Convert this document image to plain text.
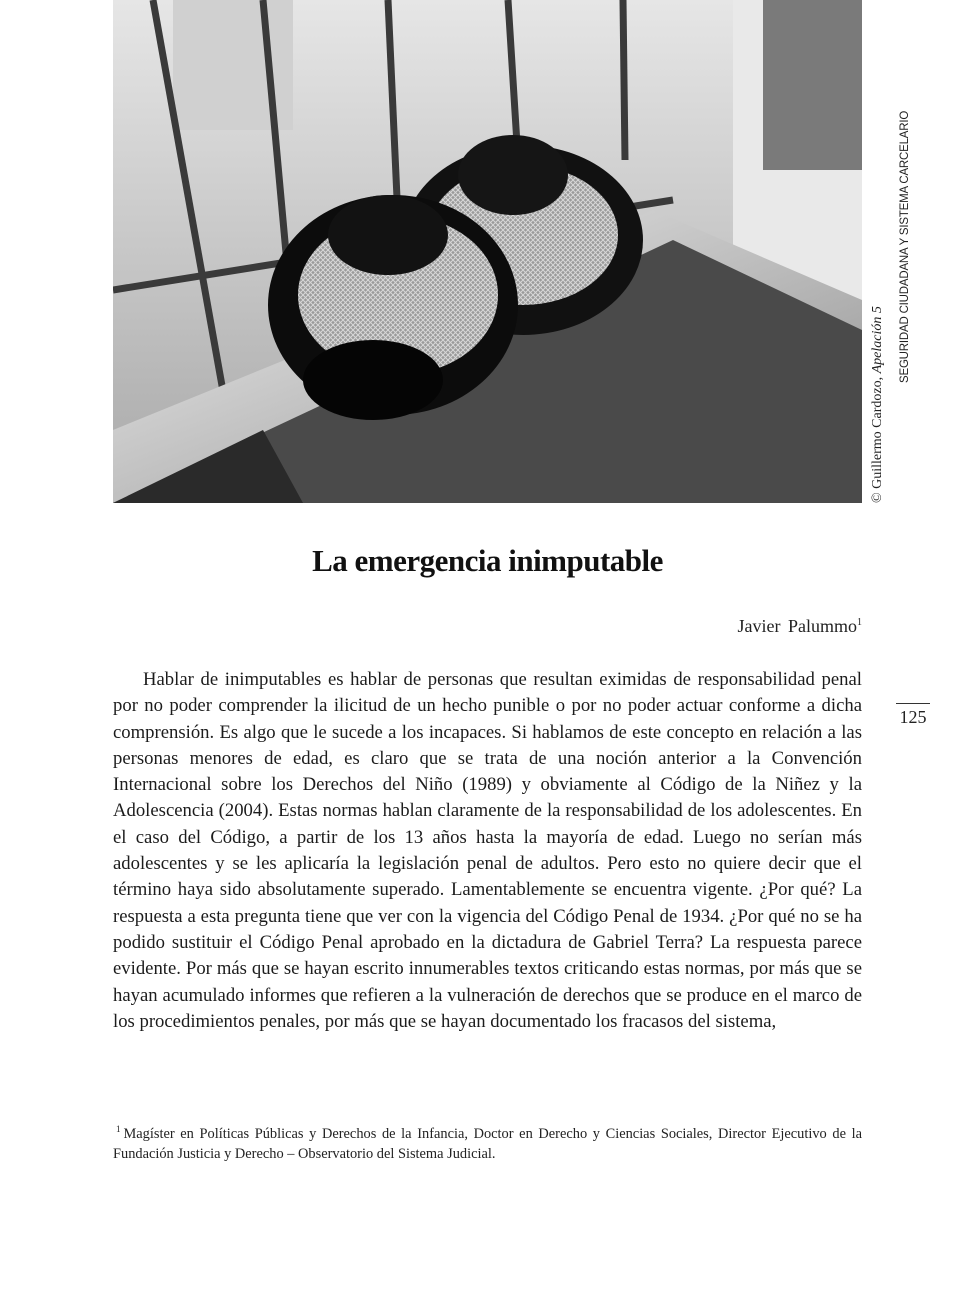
© Guillermo Cardozo, Apelación 5	SEGURIDAD CIUDADANA Y SISTEMA CARCELARIO
125
La emergencia inimputable
Javier Palummo$^1$

Hablar de inimputables es hablar de personas que resultan eximidas de responsabilidad penal por no poder comprender la ilicitud de un hecho punible o por no poder actuar conforme a dicha comprensión. Es algo que le sucede a los incapaces. Si hablamos de este concepto en relación a las personas menores de edad, es claro que se trata de una noción anterior a la Convención Internacional sobre los Derechos del Niño (1989) y obviamente al Código de la Niñez y la Adolescencia (2004). Estas normas hablan claramente de la responsabilidad de los adolescentes. En el caso del Código, a partir de los 13 años hasta la mayoría de edad. Luego no serían más adolescentes y se les aplicaría la legislación penal de adultos. Pero esto no quiere decir que el término haya sido absolutamente superado. Lamentablemente se encuentra vigente. ¿Por qué? La respuesta a esta pregunta tiene que ver con la vigencia del Código Penal de 1934. ¿Por qué no se ha podido sustituir el Código Penal aprobado en la dictadura de Gabriel Terra? La respuesta parece evidente. Por más que se hayan escrito innumerables textos criticando estas normas, por más que se hayan acumulado informes que refieren a la vulneración de derechos que se produce en el marco de los procedimientos penales, por más que se hayan documentado los fracasos del sistema,

$^1$ Magíster en Políticas Públicas y Derechos de la Infancia, Doctor en Derecho y Ciencias Sociales, Director Ejecutivo de la Fundación Justicia y Derecho – Observatorio del Sistema Judicial.
